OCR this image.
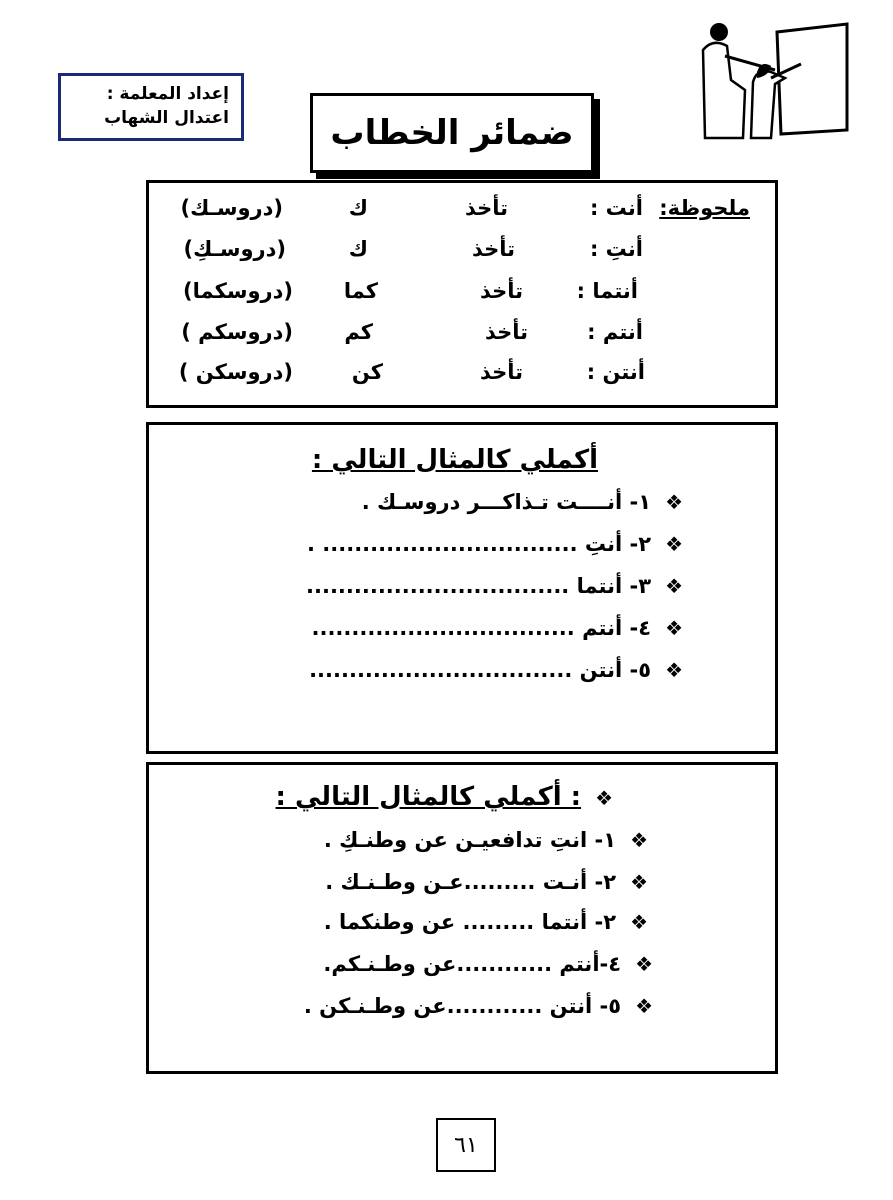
إعداد المعلمة :
اعتدال الشهاب	ضمائر الخطاب
ملحوظة:
أنت :
تأخذ
ك
(دروسـك)
أنتِ :
تأخذ
ك
(دروسـكِ)
أنتما :
تأخذ
كما
(دروسكما)
أنتم :
تأخذ
كم
(دروسكم )
أنتن :
تأخذ
كن
(دروسكن )
أكملي كالمثال التالي :
❖١- أنــــت تـذاكـــر دروسـك .
❖٢- أنتِ ................................ .
❖٣- أنتما .................................
❖٤- أنتم .................................
❖٥- أنتن .................................
❖: أكملي كالمثال التالي :
❖١- انتِ تدافعيـن عن وطنـكِ .
❖٢- أنـت .........عـن وطـنـك .
❖٢- أنتما ......... عن وطنكما .
❖٤-أنتم ............عن وطـنـكم.
❖٥- أنتن ............عن وطـنـكن .
٦١
